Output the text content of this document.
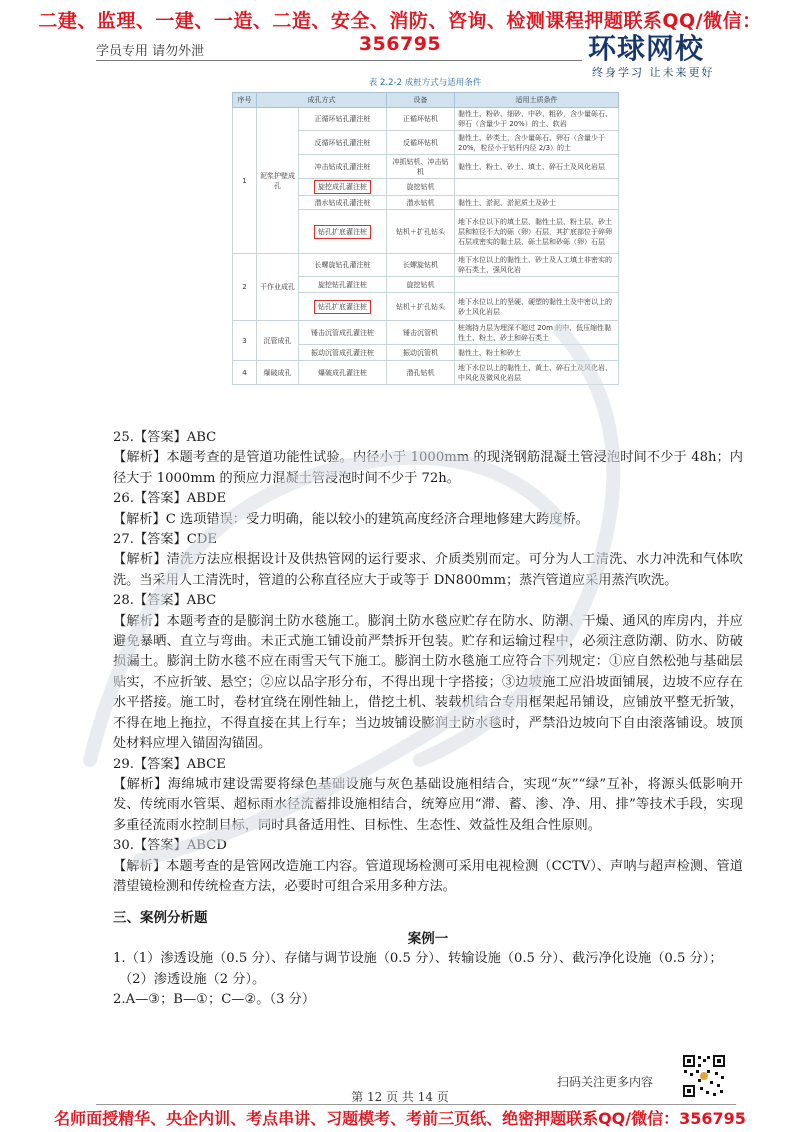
二建、监理、一建、一造、二造、安全、消防、咨询、检测课程押题联系QQ/微信：356795
学员专用 请勿外泄	环球网校
终身学习 让未来更好
表 2.2-2 成桩方式与适用条件
序号	成孔方式		设备	适用土质条件
1	泥浆护壁成孔	正循环钻孔灌注桩	正循环钻机	黏性土、粉砂、细砂、中砂、粗砂，含少量砾石、卵石（含量少于 20%）的土、软岩
		反循环钻孔灌注桩	反循环钻机	黏性土、砂类土，含少量砾石、卵石（含量少于 20%，粒径小于钻杆内径 2/3）的土
		冲击钻成孔灌注桩	冲抓钻机、冲击钻机	黏性土、粉土、砂土、填土、碎石土及风化岩层
		旋挖成孔灌注桩	旋挖钻机	
		潜水钻成孔灌注桩	潜水钻机	黏性土、淤泥、淤泥质土及砂土
		钻孔扩底灌注桩	钻机＋扩孔钻头	地下水位以下的填土层、黏性土层、粉土层、砂土层和粒径不大的砾（卵）石层，其扩底部位于碎卵石层或密实的黏土层、砾土层和砂砾（卵）石层
2	干作业成孔	长螺旋钻孔灌注桩	长螺旋钻机	地下水位以上的黏性土、砂土及人工填土非密实的碎石类土、强风化岩
		旋挖钻孔灌注桩	旋挖钻机	
		钻孔扩底灌注桩	钻机＋扩孔钻头	地下水位以上的坚硬、硬塑的黏性土及中密以上的砂土风化岩层
3	沉管成孔	锤击沉管成孔灌注桩	锤击沉管机	桩端持力层为埋深不超过 20m 的中、低压缩性黏性土、粉土、砂土和碎石类土
		振动沉管成孔灌注桩	振动沉管机	黏性土、粉土和砂土
4	爆破成孔	爆破成孔灌注桩	潜孔钻机	地下水位以上的黏性土、黄土、碎石土及风化岩、中风化及微风化岩层

25.【答案】ABC

【解析】本题考查的是管道功能性试验。内径小于 1000mm 的现浇钢筋混凝土管浸泡时间不少于 48h；内径大于 1000mm 的预应力混凝土管浸泡时间不少于 72h。

26.【答案】ABDE

【解析】C 选项错误：受力明确，能以较小的建筑高度经济合理地修建大跨度桥。

27.【答案】CDE

【解析】清洗方法应根据设计及供热管网的运行要求、介质类别而定。可分为人工清洗、水力冲洗和气体吹洗。当采用人工清洗时，管道的公称直径应大于或等于 DN800mm；蒸汽管道应采用蒸汽吹洗。

28.【答案】ABC

【解析】本题考查的是膨润土防水毯施工。膨润土防水毯应贮存在防水、防潮、干燥、通风的库房内，并应避免暴晒、直立与弯曲。未正式施工铺设前严禁拆开包装。贮存和运输过程中，必须注意防潮、防水、防破损漏土。膨润土防水毯不应在雨雪天气下施工。膨润土防水毯施工应符合下列规定：①应自然松弛与基础层贴实，不应折皱、悬空；②应以品字形分布，不得出现十字搭接；③边坡施工应沿坡面铺展，边坡不应存在水平搭接。施工时，卷材宜绕在刚性轴上，借挖土机、装载机结合专用框架起吊铺设，应铺放平整无折皱，不得在地上拖拉，不得直接在其上行车；当边坡铺设膨润土防水毯时，严禁沿边坡向下自由滚落铺设。坡顶处材料应埋入锚固沟锚固。

29.【答案】ABCE

【解析】海绵城市建设需要将绿色基础设施与灰色基础设施相结合，实现“灰”“绿”互补，将源头低影响开发、传统雨水管渠、超标雨水径流蓄排设施相结合，统筹应用“滞、蓄、渗、净、用、排”等技术手段，实现多重径流雨水控制目标，同时具备适用性、目标性、生态性、效益性及组合性原则。

30.【答案】ABCD

【解析】本题考查的是管网改造施工内容。管道现场检测可采用电视检测（CCTV）、声呐与超声检测、管道潜望镜检测和传统检查方法，必要时可组合采用多种方法。

三、案例分析题

案例一

1.（1）渗透设施（0.5 分）、存储与调节设施（0.5 分）、转输设施（0.5 分）、截污净化设施（0.5 分）；

（2）渗透设施（2 分）。

2.A—③；B—①；C—②。（3 分）

扫码关注更多内容
第 12 页 共 14 页
名师面授精华、央企内训、考点串讲、习题模考、考前三页纸、绝密押题联系QQ/微信：356795
